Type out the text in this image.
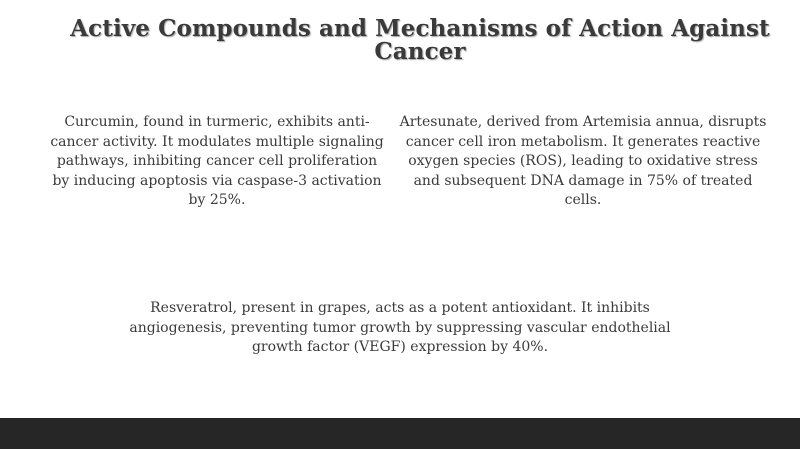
Active Compounds and Mechanisms of Action Against Cancer

Curcumin, found in turmeric, exhibits anti-cancer activity. It modulates multiple signaling pathways, inhibiting cancer cell proliferation by inducing apoptosis via caspase-3 activation by 25%.

Artesunate, derived from Artemisia annua, disrupts cancer cell iron metabolism. It generates reactive oxygen species (ROS), leading to oxidative stress and subsequent DNA damage in 75% of treated cells.

Resveratrol, present in grapes, acts as a potent antioxidant. It inhibits angiogenesis, preventing tumor growth by suppressing vascular endothelial growth factor (VEGF) expression by 40%.
